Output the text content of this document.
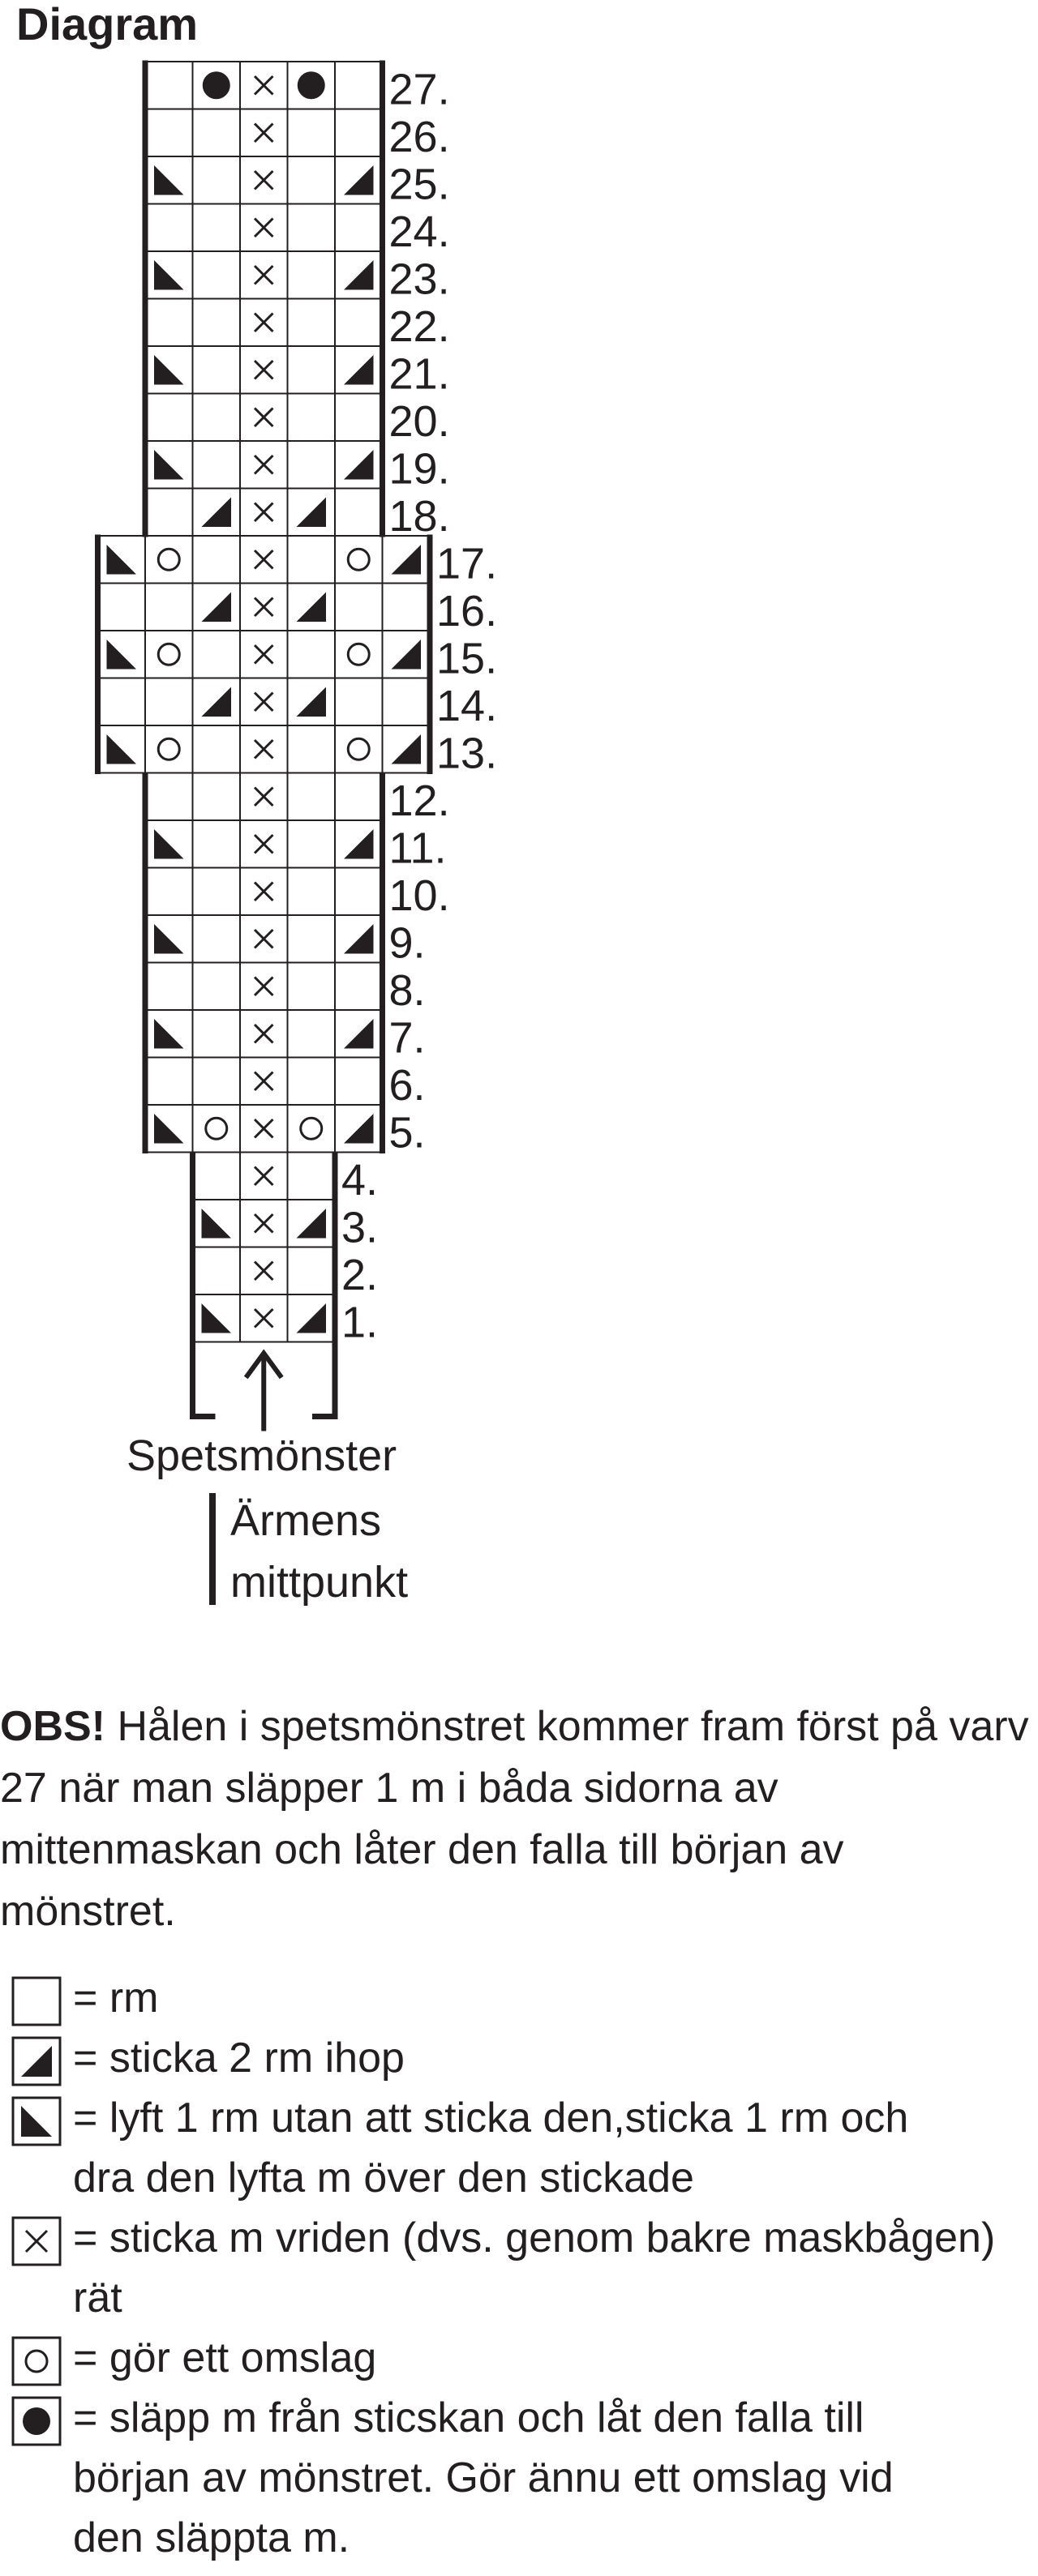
Diagram
1.
2.
3.
4.
5.
6.
7.
8.
9.
10.
11.
12.
13.
14.
15.
16.
17.
18.
19.
20.
21.
22.
23.
24.
25.
26.
27.
Spetsmönster
Ärmens
mittpunkt
OBS! Hålen i spetsmönstret kommer fram först på varv 27 när man släpper 1 m i båda sidorna av mittenmaskan och låter den falla till början av mönstret.
= rm
= sticka 2 rm ihop
= lyft 1 rm utan att sticka den,sticka 1 rm och
dra den lyfta m över den stickade
= sticka m vriden (dvs. genom bakre maskbågen)
rät
= gör ett omslag
= släpp m från sticskan och låt den falla till
början av mönstret. Gör ännu ett omslag vid
den släppta m.
